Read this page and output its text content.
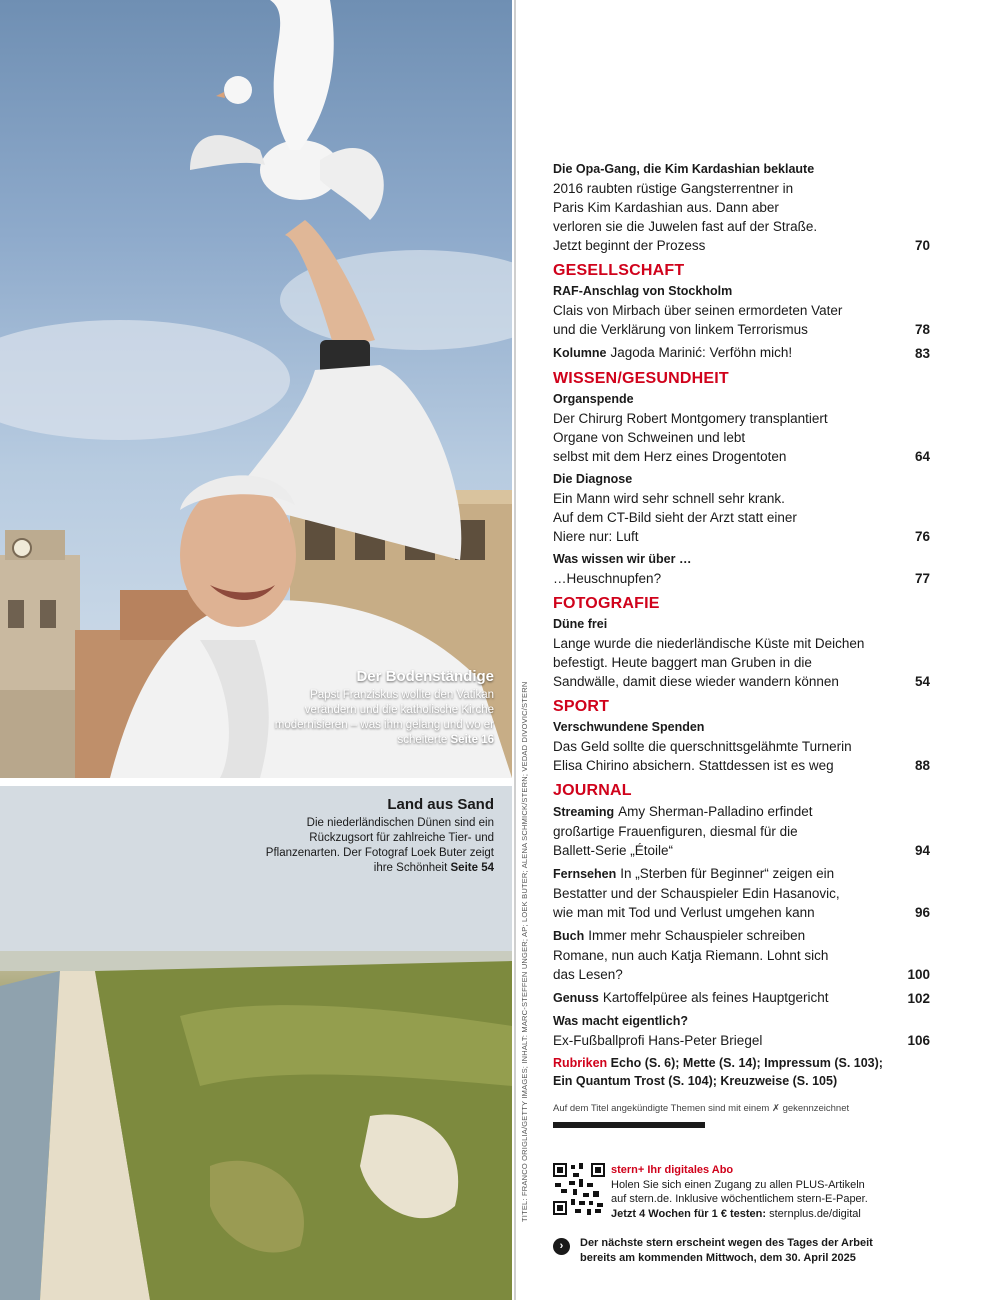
Der Bodenständige
Papst Franziskus wollte den Vatikan verändern und die katholische Kirche modernisieren – was ihm gelang und wo er scheiterte Seite 16
Land aus Sand
Die niederländischen Dünen sind ein Rückzugsort für zahlreiche Tier- und Pflanzenarten. Der Fotograf Loek Buter zeigt ihre Schönheit Seite 54	TITEL: FRANCO ORIGLIA/GETTY IMAGES; INHALT: MARC-STEFFEN UNGER; AP; LOEK BUTER; ALENA SCHMICK/STERN; VEDAD DIVOVIC/STERN
Die Opa-Gang, die Kim Kardashian beklaute
2016 raubten rüstige Gangsterrentner in
Paris Kim Kardashian aus. Dann aber
verloren sie die Juwelen fast auf der Straße.
Jetzt beginnt der Prozess	70
GESELLSCHAFT
RAF-Anschlag von Stockholm
Clais von Mirbach über seinen ermordeten Vater
und die Verklärung von linkem Terrorismus	78
Kolumne Jagoda Marinić: Verföhn mich!	83
WISSEN/GESUNDHEIT
Organspende
Der Chirurg Robert Montgomery transplantiert
Organe von Schweinen und lebt
selbst mit dem Herz eines Drogentoten	64
Die Diagnose
Ein Mann wird sehr schnell sehr krank.
Auf dem CT-Bild sieht der Arzt statt einer
Niere nur: Luft	76
Was wissen wir über …
…Heuschnupfen?	77
FOTOGRAFIE
Düne frei
Lange wurde die niederländische Küste mit Deichen
befestigt. Heute baggert man Gruben in die
Sandwälle, damit diese wieder wandern können	54
SPORT
Verschwundene Spenden
Das Geld sollte die querschnittsgelähmte Turnerin
Elisa Chirino absichern. Stattdessen ist es weg	88
JOURNAL
Streaming Amy Sherman-Palladino erfindet
großartige Frauenfiguren, diesmal für die
Ballett-Serie „Étoile“	94
Fernsehen In „Sterben für Beginner“ zeigen ein
Bestatter und der Schauspieler Edin Hasanovic,
wie man mit Tod und Verlust umgehen kann	96
Buch Immer mehr Schauspieler schreiben
Romane, nun auch Katja Riemann. Lohnt sich
das Lesen?	100
Genuss Kartoffelpüree als feines Hauptgericht	102
Was macht eigentlich?
Ex-Fußballprofi Hans-Peter Briegel	106
Rubriken Echo (S. 6); Mette (S. 14); Impressum (S. 103);
Ein Quantum Trost (S. 104); Kreuzweise (S. 105)
Auf dem Titel angekündigte Themen sind mit einem ✗ gekennzeichnet
stern+ Ihr digitales Abo
Holen Sie sich einen Zugang zu allen PLUS-Artikeln
auf stern.de. Inklusive wöchentlichem stern-E-Paper.
Jetzt 4 Wochen für 1 € testen: sternplus.de/digital
›	Der nächste stern erscheint wegen des Tages der Arbeit
bereits am kommenden Mittwoch, dem 30. April 2025
